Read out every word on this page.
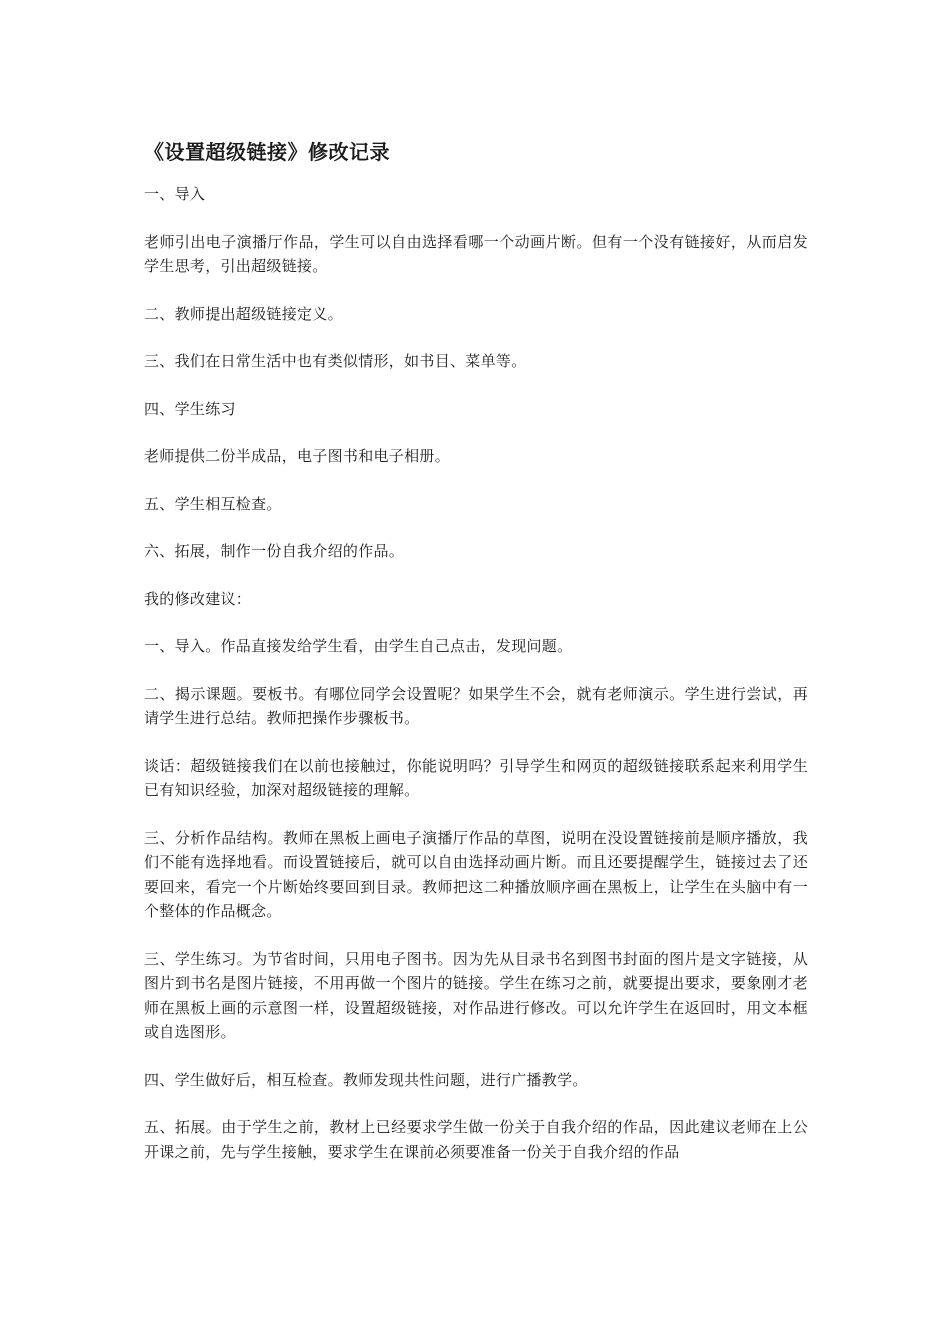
《设置超级链接》修改记录

一、导入

老师引出电子演播厅作品，学生可以自由选择看哪一个动画片断。但有一个没有链接好，从而启发学生思考，引出超级链接。

二、教师提出超级链接定义。

三、我们在日常生活中也有类似情形，如书目、菜单等。

四、学生练习

老师提供二份半成品，电子图书和电子相册。

五、学生相互检查。

六、拓展，制作一份自我介绍的作品。

我的修改建议：

一、导入。作品直接发给学生看，由学生自己点击，发现问题。

二、揭示课题。要板书。有哪位同学会设置呢？如果学生不会，就有老师演示。学生进行尝试，再请学生进行总结。教师把操作步骤板书。

谈话：超级链接我们在以前也接触过，你能说明吗？引导学生和网页的超级链接联系起来利用学生已有知识经验，加深对超级链接的理解。

三、分析作品结构。教师在黑板上画电子演播厅作品的草图，说明在没设置链接前是顺序播放，我们不能有选择地看。而设置链接后，就可以自由选择动画片断。而且还要提醒学生，链接过去了还要回来，看完一个片断始终要回到目录。教师把这二种播放顺序画在黑板上，让学生在头脑中有一个整体的作品概念。

三、学生练习。为节省时间，只用电子图书。因为先从目录书名到图书封面的图片是文字链接，从图片到书名是图片链接，不用再做一个图片的链接。学生在练习之前，就要提出要求，要象刚才老师在黑板上画的示意图一样，设置超级链接，对作品进行修改。可以允许学生在返回时，用文本框或自选图形。

四、学生做好后，相互检查。教师发现共性问题，进行广播教学。

五、拓展。由于学生之前，教材上已经要求学生做一份关于自我介绍的作品，因此建议老师在上公开课之前，先与学生接触，要求学生在课前必须要准备一份关于自我介绍的作品
